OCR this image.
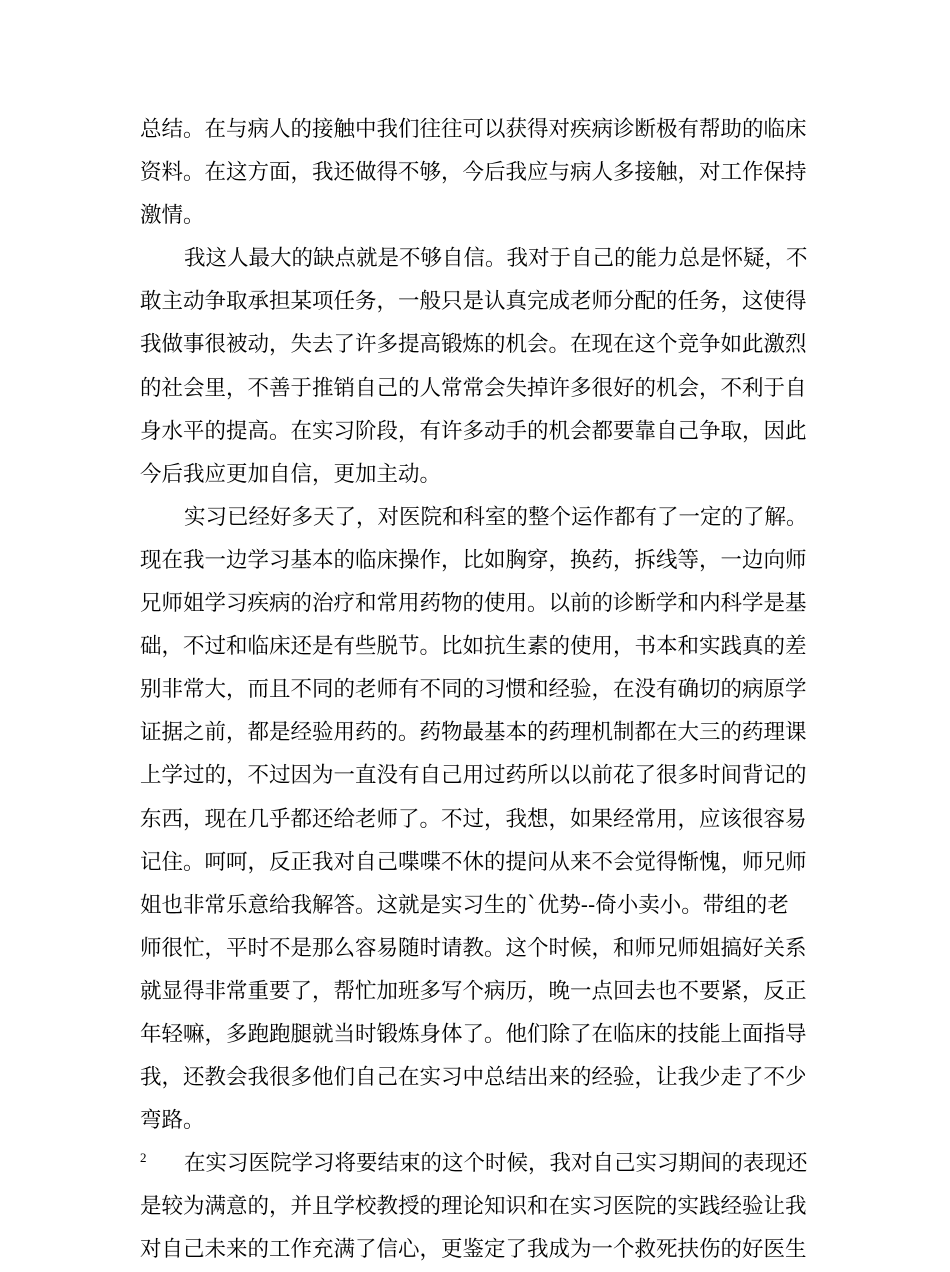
总结。在与病人的接触中我们往往可以获得对疾病诊断极有帮助的临床
资料。在这方面，我还做得不够，今后我应与病人多接触，对工作保持
激情。
我这人最大的缺点就是不够自信。我对于自己的能力总是怀疑，不
敢主动争取承担某项任务，一般只是认真完成老师分配的任务，这使得
我做事很被动，失去了许多提高锻炼的机会。在现在这个竞争如此激烈
的社会里，不善于推销自己的人常常会失掉许多很好的机会，不利于自
身水平的提高。在实习阶段，有许多动手的机会都要靠自己争取，因此
今后我应更加自信，更加主动。
实习已经好多天了，对医院和科室的整个运作都有了一定的了解。
现在我一边学习基本的临床操作，比如胸穿，换药，拆线等，一边向师
兄师姐学习疾病的治疗和常用药物的使用。以前的诊断学和内科学是基
础，不过和临床还是有些脱节。比如抗生素的使用，书本和实践真的差
别非常大，而且不同的老师有不同的习惯和经验，在没有确切的病原学
证据之前，都是经验用药的。药物最基本的药理机制都在大三的药理课
上学过的，不过因为一直没有自己用过药所以以前花了很多时间背记的
东西，现在几乎都还给老师了。不过，我想，如果经常用，应该很容易
记住。呵呵，反正我对自己喋喋不休的提问从来不会觉得惭愧，师兄师
姐也非常乐意给我解答。这就是实习生的`优势--倚小卖小。带组的老
师很忙，平时不是那么容易随时请教。这个时候，和师兄师姐搞好关系
就显得非常重要了，帮忙加班多写个病历，晚一点回去也不要紧，反正
年轻嘛，多跑跑腿就当时锻炼身体了。他们除了在临床的技能上面指导
我，还教会我很多他们自己在实习中总结出来的经验，让我少走了不少
弯路。
在实习医院学习将要结束的这个时候，我对自己实习期间的表现还
是较为满意的，并且学校教授的理论知识和在实习医院的实践经验让我
对自己未来的工作充满了信心，更鉴定了我成为一个救死扶伤的好医生
2
